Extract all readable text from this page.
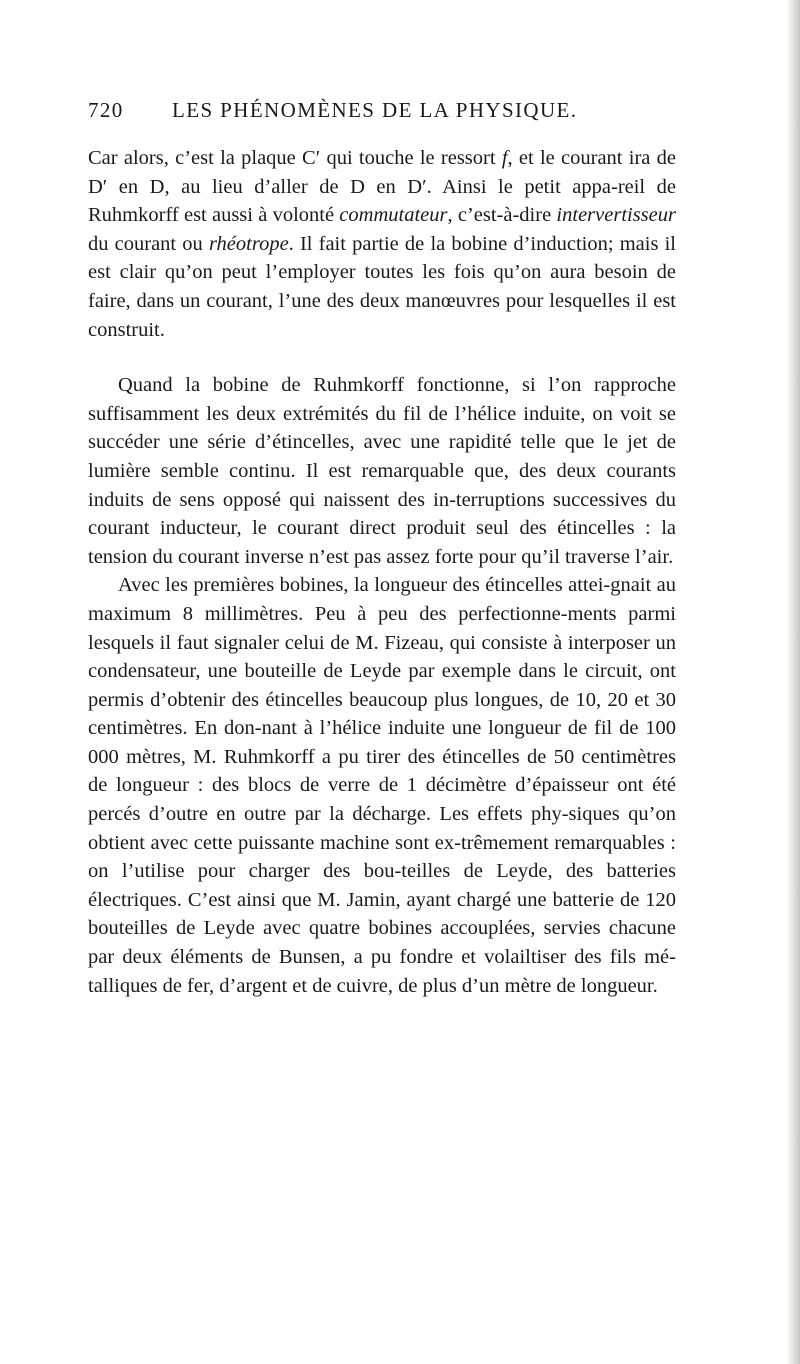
720 LES PHÉNOMÈNES DE LA PHYSIQUE.

Car alors, c’est la plaque C′ qui touche le ressort f, et le courant ira de D′ en D, au lieu d’aller de D en D′. Ainsi le petit appa-reil de Ruhmkorff est aussi à volonté commutateur, c’est-à-dire intervertisseur du courant ou rhéotrope. Il fait partie de la bobine d’induction; mais il est clair qu’on peut l’employer toutes les fois qu’on aura besoin de faire, dans un courant, l’une des deux manœuvres pour lesquelles il est construit.

Quand la bobine de Ruhmkorff fonctionne, si l’on rapproche suffisamment les deux extrémités du fil de l’hélice induite, on voit se succéder une série d’étincelles, avec une rapidité telle que le jet de lumière semble continu. Il est remarquable que, des deux courants induits de sens opposé qui naissent des in-terruptions successives du courant inducteur, le courant direct produit seul des étincelles : la tension du courant inverse n’est pas assez forte pour qu’il traverse l’air.

Avec les premières bobines, la longueur des étincelles attei-gnait au maximum 8 millimètres. Peu à peu des perfectionne-ments parmi lesquels il faut signaler celui de M. Fizeau, qui consiste à interposer un condensateur, une bouteille de Leyde par exemple dans le circuit, ont permis d’obtenir des étincelles beaucoup plus longues, de 10, 20 et 30 centimètres. En don-nant à l’hélice induite une longueur de fil de 100 000 mètres, M. Ruhmkorff a pu tirer des étincelles de 50 centimètres de longueur : des blocs de verre de 1 décimètre d’épaisseur ont été percés d’outre en outre par la décharge. Les effets phy-siques qu’on obtient avec cette puissante machine sont ex-trêmement remarquables : on l’utilise pour charger des bou-teilles de Leyde, des batteries électriques. C’est ainsi que M. Jamin, ayant chargé une batterie de 120 bouteilles de Leyde avec quatre bobines accouplées, servies chacune par deux éléments de Bunsen, a pu fondre et volailtiser des fils mé-talliques de fer, d’argent et de cuivre, de plus d’un mètre de longueur.
